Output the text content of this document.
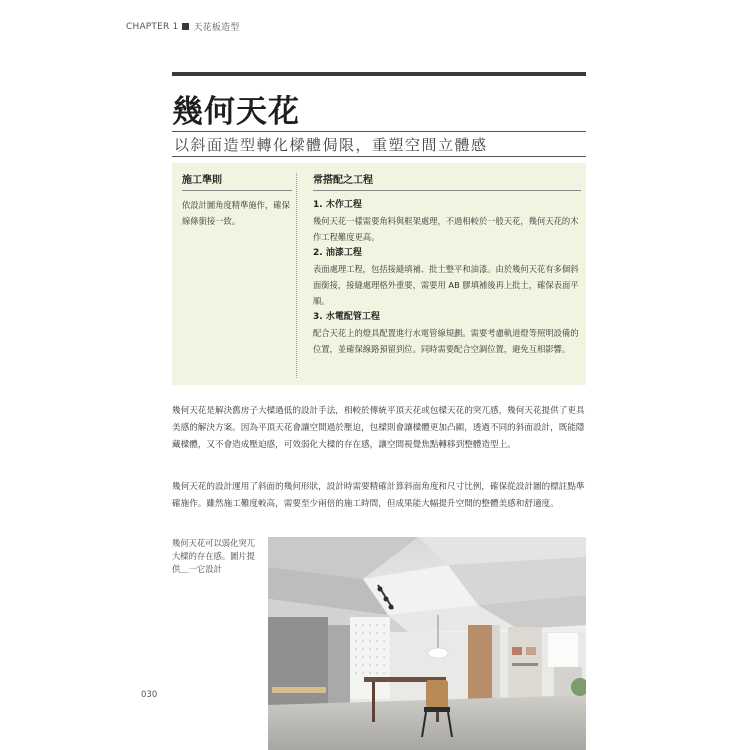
CHAPTER 1 天花板造型
幾何天花
以斜面造型轉化樑體侷限，重塑空間立體感
施工準則
依設計圖角度精準施作，確保線條銜接一致。
常搭配之工程
1. 木作工程
幾何天花一樣需要角料與框架處理，不過相較於一般天花，幾何天花的木作工程難度更高。
2. 油漆工程
表面處理工程，包括接縫填補、批土整平和油漆。由於幾何天花有多個斜面銜接，接縫處理格外重要，需要用 AB 膠填補後再上批土，確保表面平順。
3. 水電配管工程
配合天花上的燈具配置進行水電管線規劃。需要考慮軌道燈等照明設備的位置，並確保線路預留到位。同時需要配合空調位置，避免互相影響。
幾何天花是解決舊房子大樑過低的設計手法，相較於傳統平頂天花或包樑天花的突兀感，幾何天花提供了更具美感的解決方案。因為平頂天花會讓空間過於壓迫，包樑則會讓樑體更加凸顯，透過不同的斜面設計，既能隱藏樑體，又不會造成壓迫感，可效弱化大樑的存在感，讓空間視覺焦點轉移到整體造型上。
幾何天花的設計運用了斜面的幾何形狀，設計時需要精確計算斜面角度和尺寸比例，確保從設計圖的標註點準確施作。雖然施工難度較高，需要至少兩倍的施工時間，但成果能大幅提升空間的整體美感和舒適度。
幾何天花可以弱化突兀大樑的存在感。圖片提供＿一它設計
030
